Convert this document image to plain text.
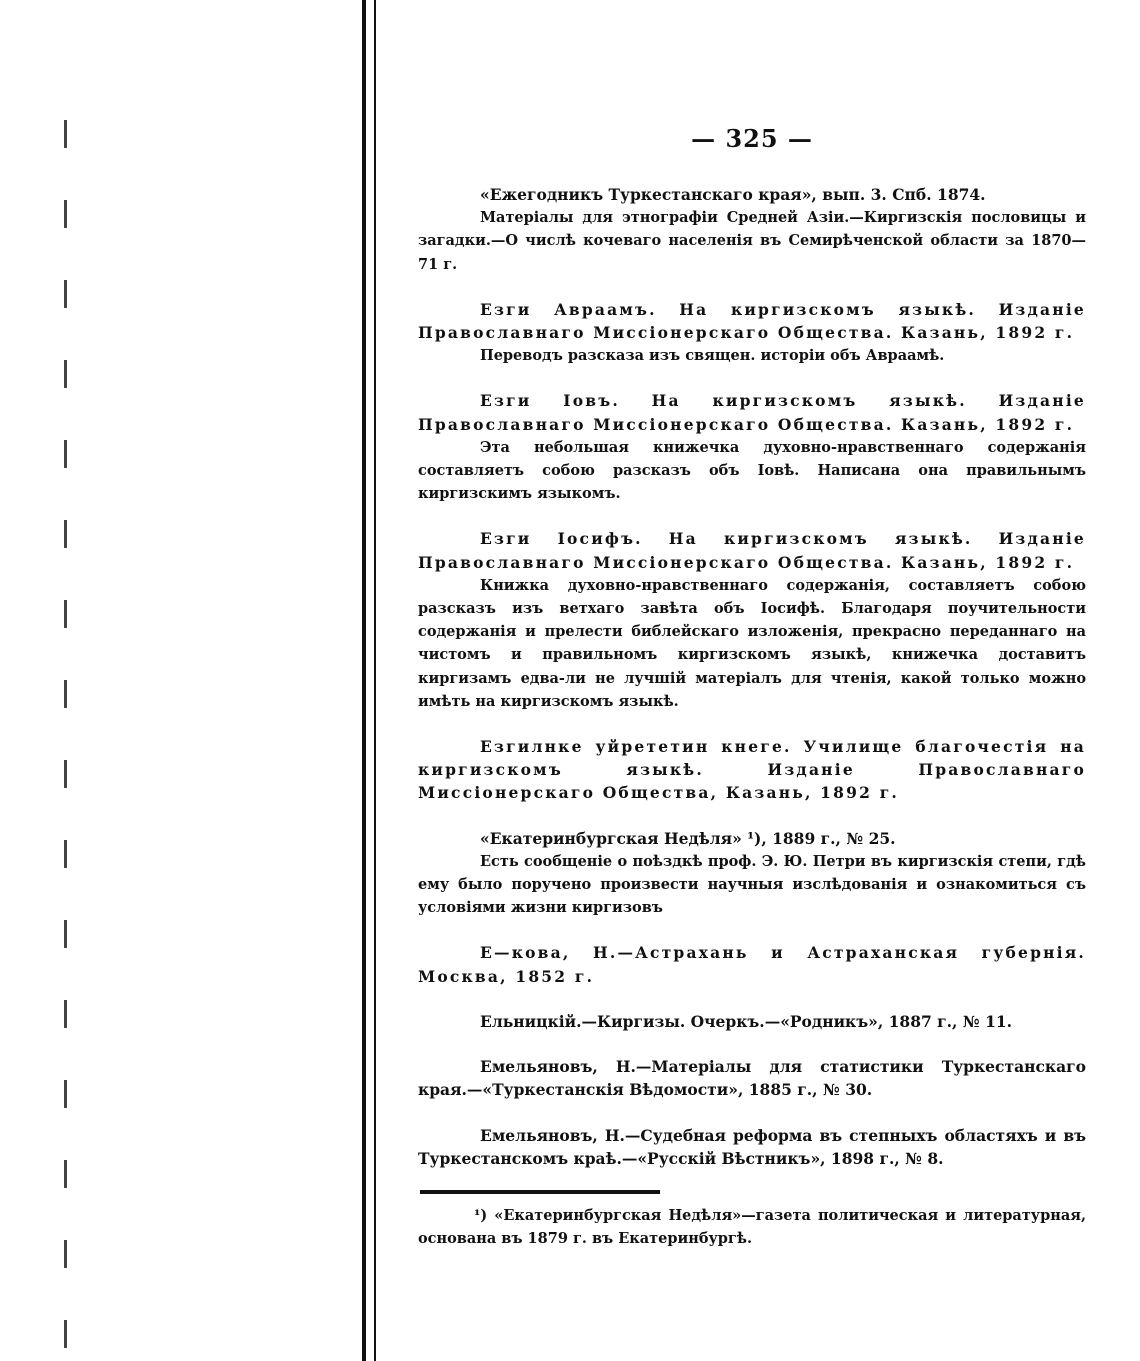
— 325 —

«Ежегодникъ Туркестанскаго края», вып. 3. Спб. 1874.

Матеріалы для этнографіи Средней Азіи.—Киргизскія пословицы и загадки.—О числѣ кочеваго населенія въ Семирѣченской области за 1870—71 г.

Езги Авраамъ. На киргизскомъ языкѣ. Изданіе Православнаго Миссіонерскаго Общества. Казань, 1892 г.

Переводъ разсказа изъ священ. исторіи объ Авраамѣ.

Езги Іовъ. На киргизскомъ языкѣ. Изданіе Православнаго Миссіонерскаго Общества. Казань, 1892 г.

Эта небольшая книжечка духовно-нравственнаго содержанія составляетъ собою разсказъ объ Іовѣ. Написана она правильнымъ киргизскимъ языкомъ.

Езги Іосифъ. На киргизскомъ языкѣ. Изданіе Православнаго Миссіонерскаго Общества. Казань, 1892 г.

Книжка духовно-нравственнаго содержанія, составляетъ собою разсказъ изъ ветхаго завѣта объ Іосифѣ. Благодаря поучительности содержанія и прелести библейскаго изложенія, прекрасно переданнаго на чистомъ и правильномъ киргизскомъ языкѣ, книжечка доставитъ киргизамъ едва-ли не лучшій матеріалъ для чтенія, какой только можно имѣть на киргизскомъ языкѣ.

Езгилнке уйрететин кнеге. Училище благочестія на киргизскомъ языкѣ. Изданіе Православнаго Миссіонерскаго Общества, Казань, 1892 г.

«Екатеринбургская Недѣля» ¹), 1889 г., № 25.

Есть сообщеніе о поѣздкѣ проф. Э. Ю. Петри въ киргизскія степи, гдѣ ему было поручено произвести научныя изслѣдованія и ознакомиться съ условіями жизни киргизовъ

Е—кова, Н.—Астрахань и Астраханская губернія. Москва, 1852 г.

Ельницкій.—Киргизы. Очеркъ.—«Родникъ», 1887 г., № 11.

Емельяновъ, Н.—Матеріалы для статистики Туркестанскаго края.—«Туркестанскія Вѣдомости», 1885 г., № 30.

Емельяновъ, Н.—Судебная реформа въ степныхъ областяхъ и въ Туркестанскомъ краѣ.—«Русскій Вѣстникъ», 1898 г., № 8.

¹) «Екатеринбургская Недѣля»—газета политическая и литературная, основана въ 1879 г. въ Екатеринбургѣ.
